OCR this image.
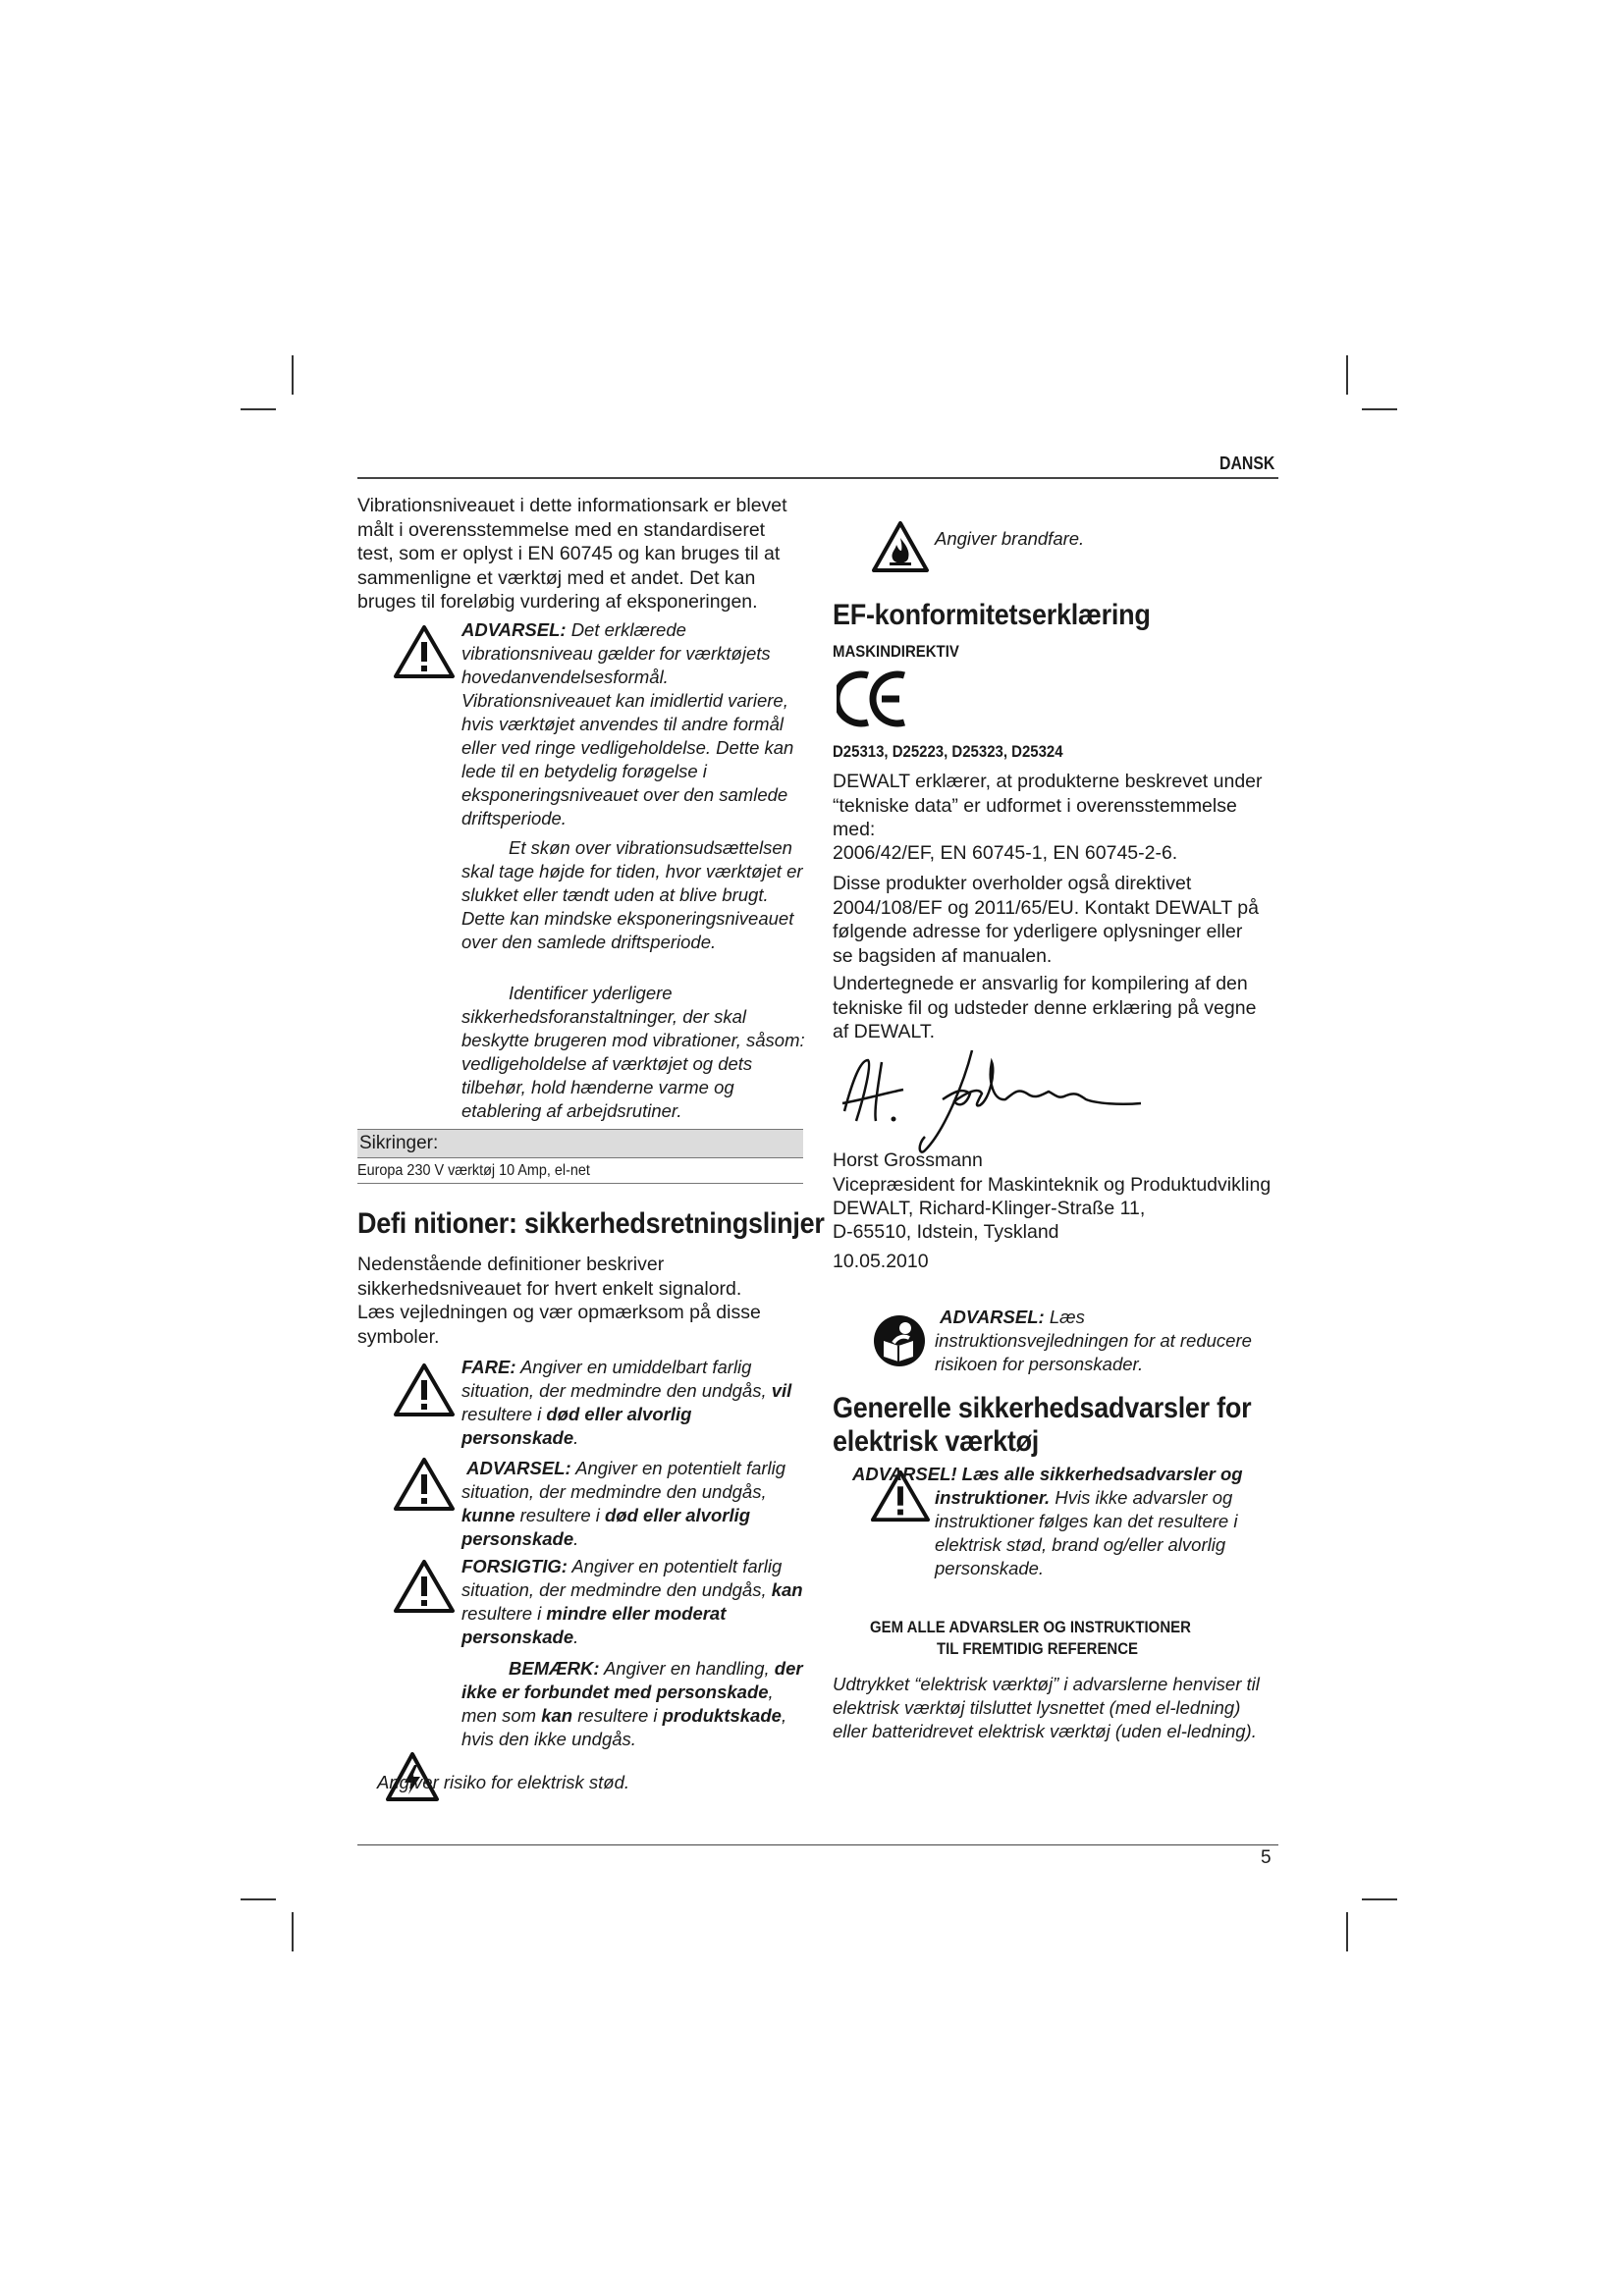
DANSK
5

Vibrationsniveauet i dette informationsark er blevet målt i overensstemmelse med en standardiseret test, som er oplyst i EN 60745 og kan bruges til at sammenligne et værktøj med et andet. Det kan bruges til foreløbig vurdering af eksponeringen.

ADVARSEL: Det erklærede vibrationsniveau gælder for værktøjets hovedanvendelsesformål. Vibrationsniveauet kan imidlertid variere, hvis værktøjet anvendes til andre formål eller ved ringe vedligeholdelse. Dette kan lede til en betydelig forøgelse i eksponeringsniveauet over den samlede driftsperiode.

Et skøn over vibrationsudsættelsen skal tage højde for tiden, hvor værktøjet er slukket eller tændt uden at blive brugt. Dette kan mindske eksponeringsniveauet over den samlede driftsperiode.

Identificer yderligere sikkerhedsforanstaltninger, der skal beskytte brugeren mod vibrationer, såsom: vedligeholdelse af værktøjet og dets tilbehør, hold hænderne varme og etablering af arbejdsrutiner.

Sikringer:
Europa 230 V værktøj 10 Amp, el-net
Defi nitioner: sikkerhedsretningslinjer

Nedenstående definitioner beskriver sikkerhedsniveauet for hvert enkelt signalord. Læs vejledningen og vær opmærksom på disse symboler.

FARE: Angiver en umiddelbart farlig situation, der medmindre den undgås, vil resultere i død eller alvorlig personskade.

ADVARSEL: Angiver en potentielt farlig situation, der medmindre den undgås, kunne resultere i død eller alvorlig personskade.

FORSIGTIG: Angiver en potentielt farlig situation, der medmindre den undgås, kan resultere i mindre eller moderat personskade.

BEMÆRK: Angiver en handling, der ikke er forbundet med personskade, men som kan resultere i produktskade, hvis den ikke undgås.

Angiver risiko for elektrisk stød.

Angiver brandfare.

EF-konformitetserklæring
MASKINDIREKTIV
D25313, D25223, D25323, D25324

DEWALT erklærer, at produkterne beskrevet under “tekniske data” er udformet i overensstemmelse med:

2006/42/EF, EN 60745-1, EN 60745-2-6.

Disse produkter overholder også direktivet 2004/108/EF og 2011/65/EU. Kontakt DEWALT på følgende adresse for yderligere oplysninger eller se bagsiden af manualen.

Undertegnede er ansvarlig for kompilering af den tekniske fil og udsteder denne erklæring på vegne af DEWALT.

Horst Grossmann

Vicepræsident for Maskinteknik og Produktudvikling

DEWALT, Richard-Klinger-Straße 11,

D-65510, Idstein, Tyskland

10.05.2010

ADVARSEL: Læs instruktionsvejledningen for at reducere risikoen for personskader.

Generelle sikkerhedsadvarsler for
elektrisk værktøj

ADVARSEL! Læs alle sikkerhedsadvarsler og instruktioner. Hvis ikke advarsler og instruktioner følges kan det resultere i elektrisk stød, brand og/eller alvorlig personskade.

GEM ALLE ADVARSLER OG INSTRUKTIONER
TIL FREMTIDIG REFERENCE

Udtrykket “elektrisk værktøj” i advarslerne henviser til elektrisk værktøj tilsluttet lysnettet (med el-ledning) eller batteridrevet elektrisk værktøj (uden el-ledning).
